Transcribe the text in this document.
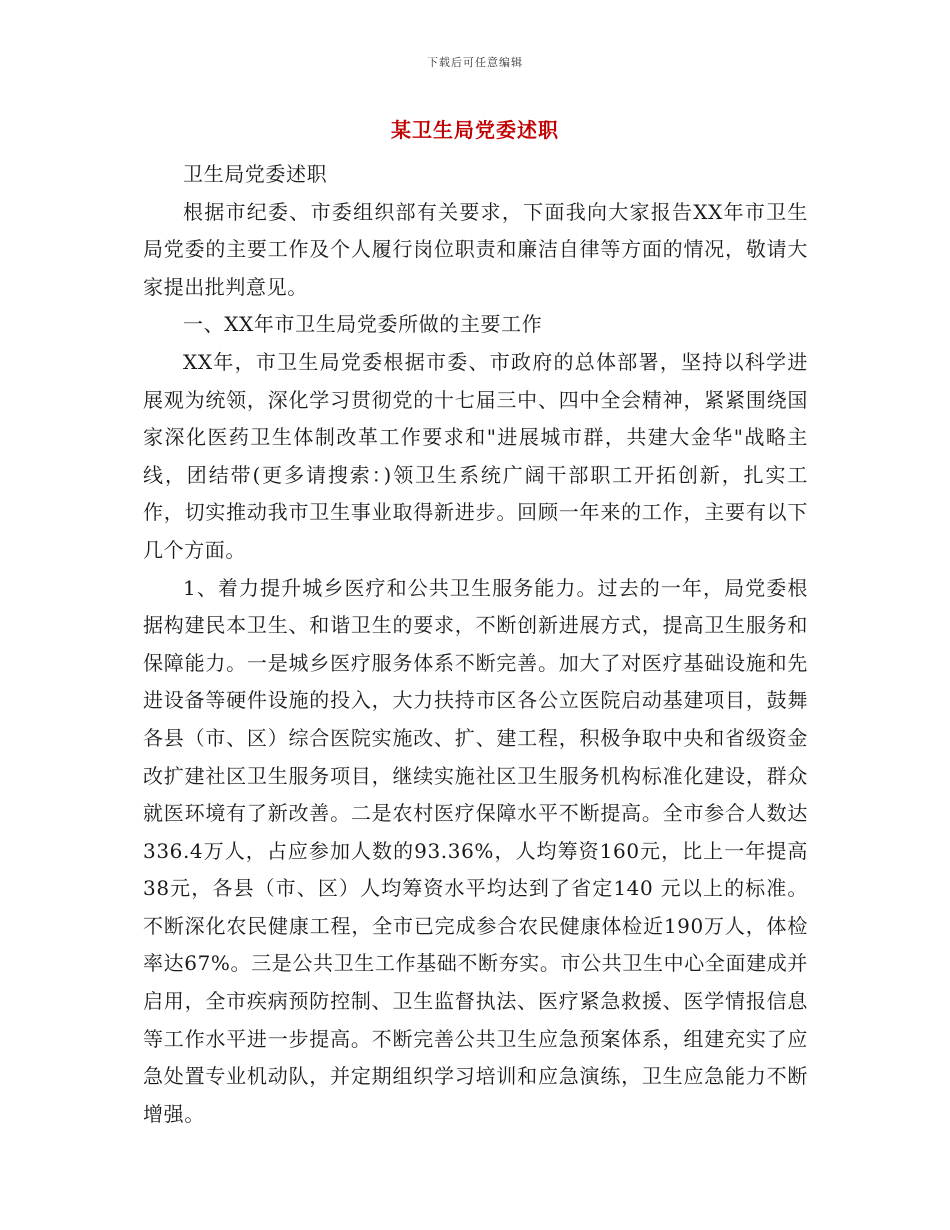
下载后可任意编辑
某卫生局党委述职

卫生局党委述职

根据市纪委、市委组织部有关要求，下面我向大家报告XX年市卫生局党委的主要工作及个人履行岗位职责和廉洁自律等方面的情况，敬请大家提出批判意见。

一、XX年市卫生局党委所做的主要工作

XX年，市卫生局党委根据市委、市政府的总体部署，坚持以科学进展观为统领，深化学习贯彻党的十七届三中、四中全会精神，紧紧围绕国家深化医药卫生体制改革工作要求和"进展城市群，共建大金华"战略主线，团结带(更多请搜索：)领卫生系统广阔干部职工开拓创新，扎实工作，切实推动我市卫生事业取得新进步。回顾一年来的工作，主要有以下几个方面。

1、着力提升城乡医疗和公共卫生服务能力。过去的一年，局党委根据构建民本卫生、和谐卫生的要求，不断创新进展方式，提高卫生服务和保障能力。一是城乡医疗服务体系不断完善。加大了对医疗基础设施和先进设备等硬件设施的投入，大力扶持市区各公立医院启动基建项目，鼓舞各县（市、区）综合医院实施改、扩、建工程，积极争取中央和省级资金改扩建社区卫生服务项目，继续实施社区卫生服务机构标准化建设，群众就医环境有了新改善。二是农村医疗保障水平不断提高。全市参合人数达336.4万人，占应参加人数的93.36%，人均筹资160元，比上一年提高38元，各县（市、区）人均筹资水平均达到了省定140 元以上的标准。不断深化农民健康工程，全市已完成参合农民健康体检近190万人，体检率达67%。三是公共卫生工作基础不断夯实。市公共卫生中心全面建成并启用，全市疾病预防控制、卫生监督执法、医疗紧急救援、医学情报信息等工作水平进一步提高。不断完善公共卫生应急预案体系，组建充实了应急处置专业机动队，并定期组织学习培训和应急演练，卫生应急能力不断增强。
